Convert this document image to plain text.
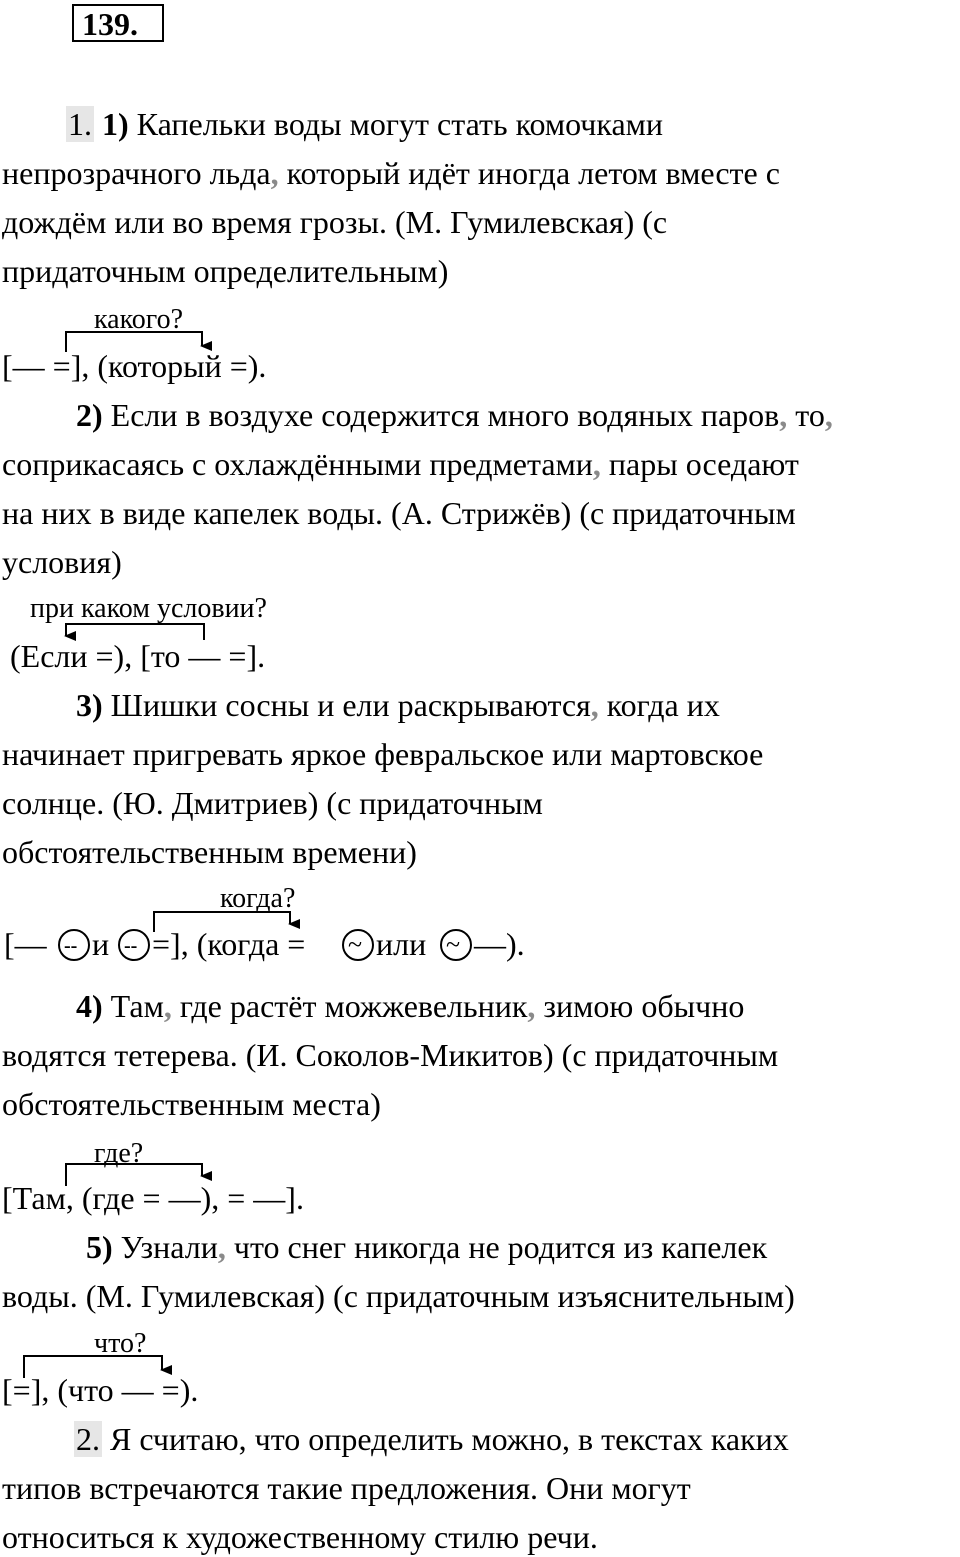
139.
1. 1) Капельки воды могут стать комочками
непрозрачного льда, который идёт иногда летом вместе с
дождём или во время грозы. (М. Гумилевская) (с
придаточным определительным)
[— =], (который =).
2) Если в воздухе содержится много водяных паров, то,
соприкасаясь с охлаждёнными предметами, пары оседают
на них в виде капелек воды. (А. Стрижёв) (с придаточным
условия)
(Если =), [то — =].
3) Шишки сосны и ели раскрываются, когда их
начинает пригревать яркое февральское или мартовское
солнце. (Ю. Дмитриев) (с придаточным
обстоятельственным времени)
4) Там, где растёт можжевельник, зимою обычно
водятся тетерева. (И. Соколов-Микитов) (с придаточным
обстоятельственным места)
[Там, (где = —), = —].
5) Узнали, что снег никогда не родится из капелек
воды. (М. Гумилевская) (с придаточным изъяснительным)
[=], (что — =).
2. Я считаю, что определить можно, в текстах каких
типов встречаются такие предложения. Они могут
относиться к художественному стилю речи.
какого?
при каком условии?
когда?
[— -- и -- =], (когда = ~ или ~ —).
где?
что?
